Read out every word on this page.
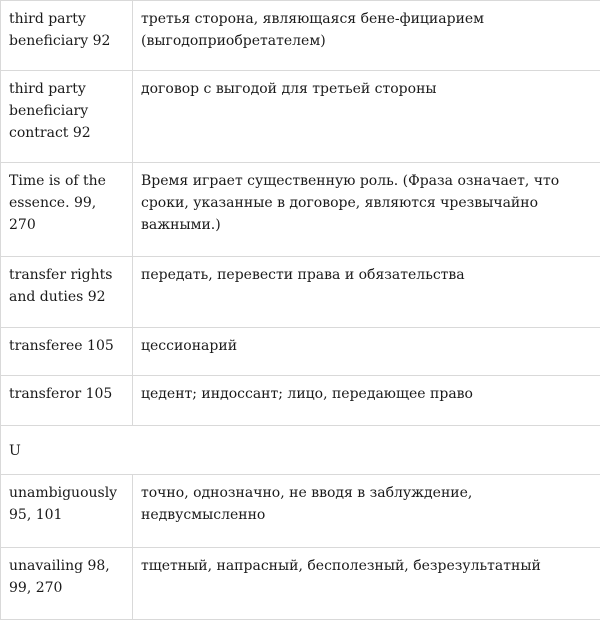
third party beneficiary 92	третья сторона, являющаяся бене-фициарием (выгодоприобретателем)
third party beneficiary contract 92	договор с выгодой для третьей стороны
Time is of the essence. 99, 270	Время играет существенную роль. (Фраза означает, что сроки, указанные в договоре, являются чрезвычайно важными.)
transfer rights and duties 92	передать, перевести права и обязательства
transferee 105	цессионарий
transferor 105	цедент; индоссант; лицо, передающее право
U	
unambiguously 95, 101	точно, однозначно, не вводя в заблуждение, недвусмысленно
unavailing 98, 99, 270	тщетный, напрасный, бесполезный, безрезультатный
